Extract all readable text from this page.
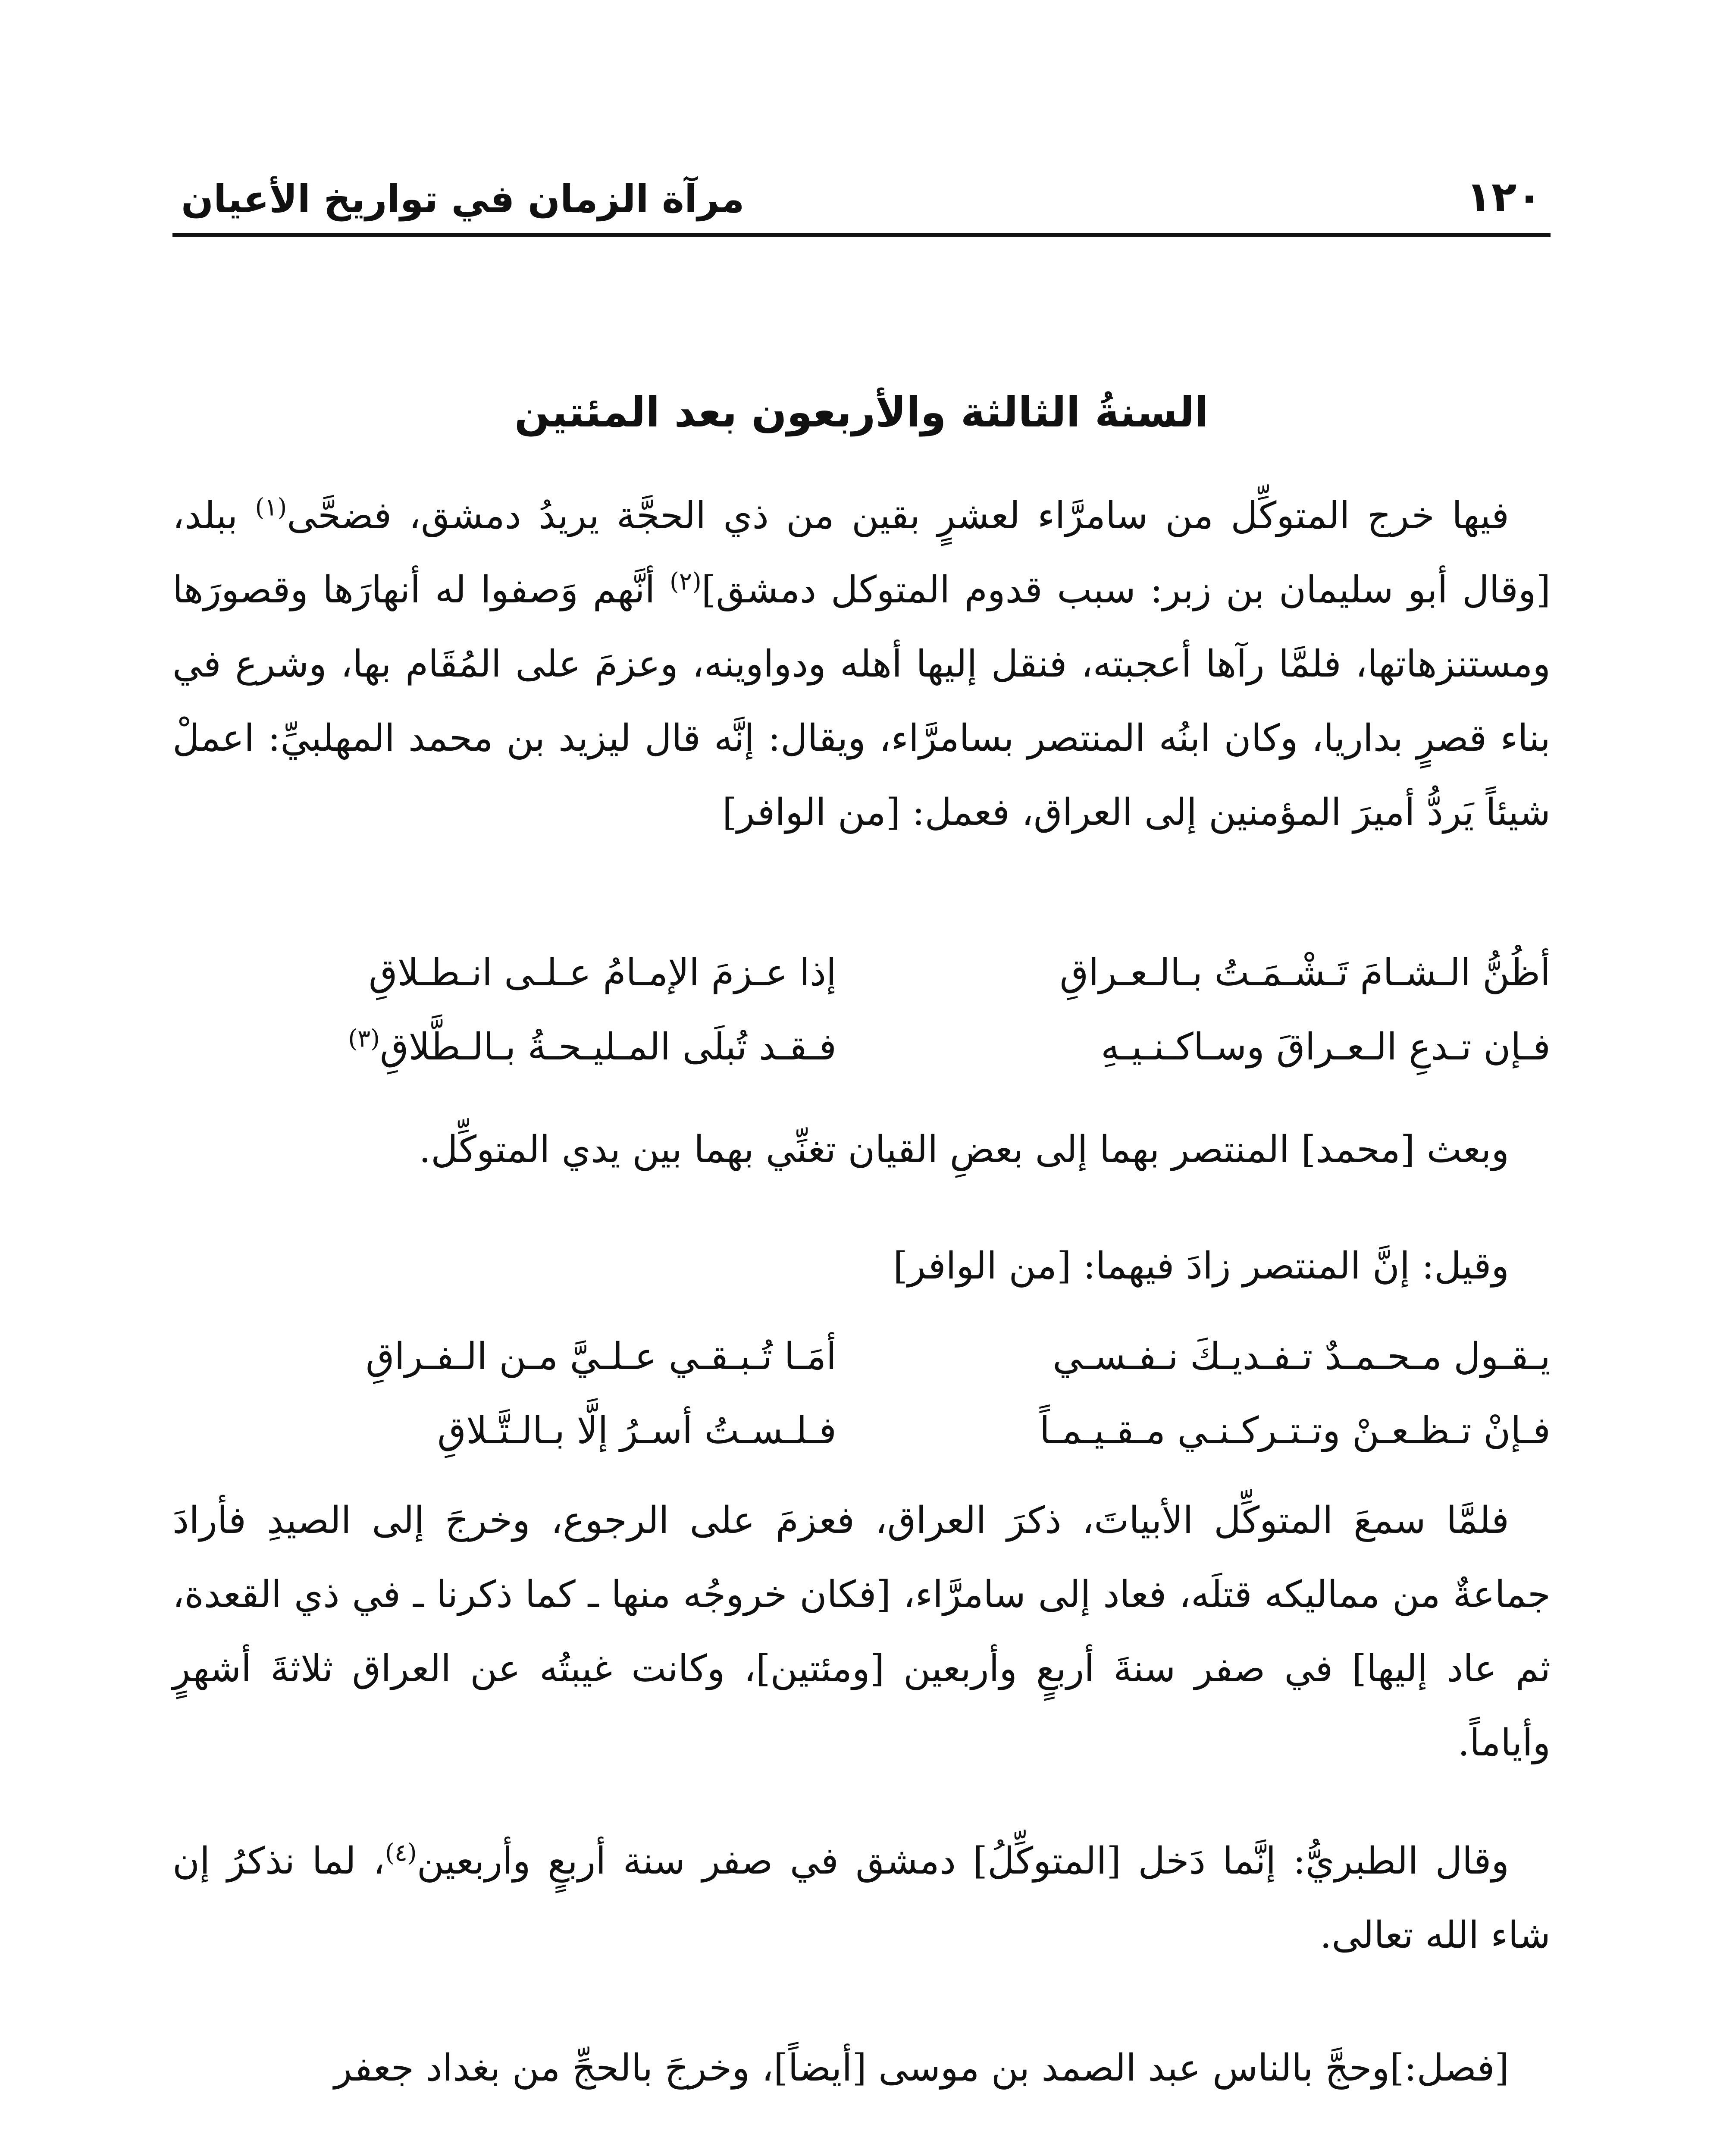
١٢٠
مرآة الزمان في تواريخ الأعيان
السنةُ الثالثة والأربعون بعد المئتين

فيها خرج المتوكِّل من سامرَّاء لعشرٍ بقين من ذي الحجَّة يريدُ دمشق، فضحَّى$^{(١)}$ ببلد، [وقال أبو سليمان بن زبر: سبب قدوم المتوكل دمشق]$^{(٢)}$ أنَّهم وَصفوا له أنهارَها وقصورَها ومستنزهاتها، فلمَّا رآها أعجبته، فنقل إليها أهله ودواوينه، وعزمَ على المُقَام بها، وشرع في بناء قصرٍ بداريا، وكان ابنُه المنتصر بسامرَّاء، ويقال: إنَّه قال ليزيد بن محمد المهلبيِّ: اعملْ شيئاً يَردُّ أميرَ المؤمنين إلى العراق، فعمل: [من الوافر]

أظُنُّ الـشـامَ تَـشْـمَـتُ بـالـعـراقِ
إذا عـزمَ الإمـامُ عـلـى انـطـلاقِ
فـإن تـدعِ الـعـراقَ وسـاكـنـيـهِ
فـقـد تُبلَى المـليـحـةُ بـالـطَّلاقِ$^{(٣)}$

وبعث [محمد] المنتصر بهما إلى بعضِ القيان تغنِّي بهما بين يدي المتوكِّل.

وقيل: إنَّ المنتصر زادَ فيهما: [من الوافر]

يـقـول مـحـمـدٌ تـفـديـكَ نـفـسـي
أمَـا تُـبـقـي عـلـيَّ مـن الـفـراقِ
فـإنْ تـظـعـنْ وتـتـركـنـي مـقـيـمـاً
فـلـسـتُ أسـرُ إلَّا بـالـتَّـلاقِ

فلمَّا سمعَ المتوكِّل الأبياتَ، ذكرَ العراق، فعزمَ على الرجوع، وخرجَ إلى الصيدِ فأرادَ جماعةٌ من مماليكه قتلَه، فعاد إلى سامرَّاء، [فكان خروجُه منها ـ كما ذكرنا ـ في ذي القعدة، ثم عاد إليها] في صفر سنةَ أربعٍ وأربعين [ومئتين]، وكانت غيبتُه عن العراق ثلاثةَ أشهرٍ وأياماً.

وقال الطبريُّ: إنَّما دَخل [المتوكِّلُ] دمشق في صفر سنة أربعٍ وأربعين$^{(٤)}$، لما نذكرُ إن شاء الله تعالى.

[فصل:]وحجَّ بالناس عبد الصمد بن موسى [أيضاً]، وخرجَ بالحجِّ من بغداد جعفر
